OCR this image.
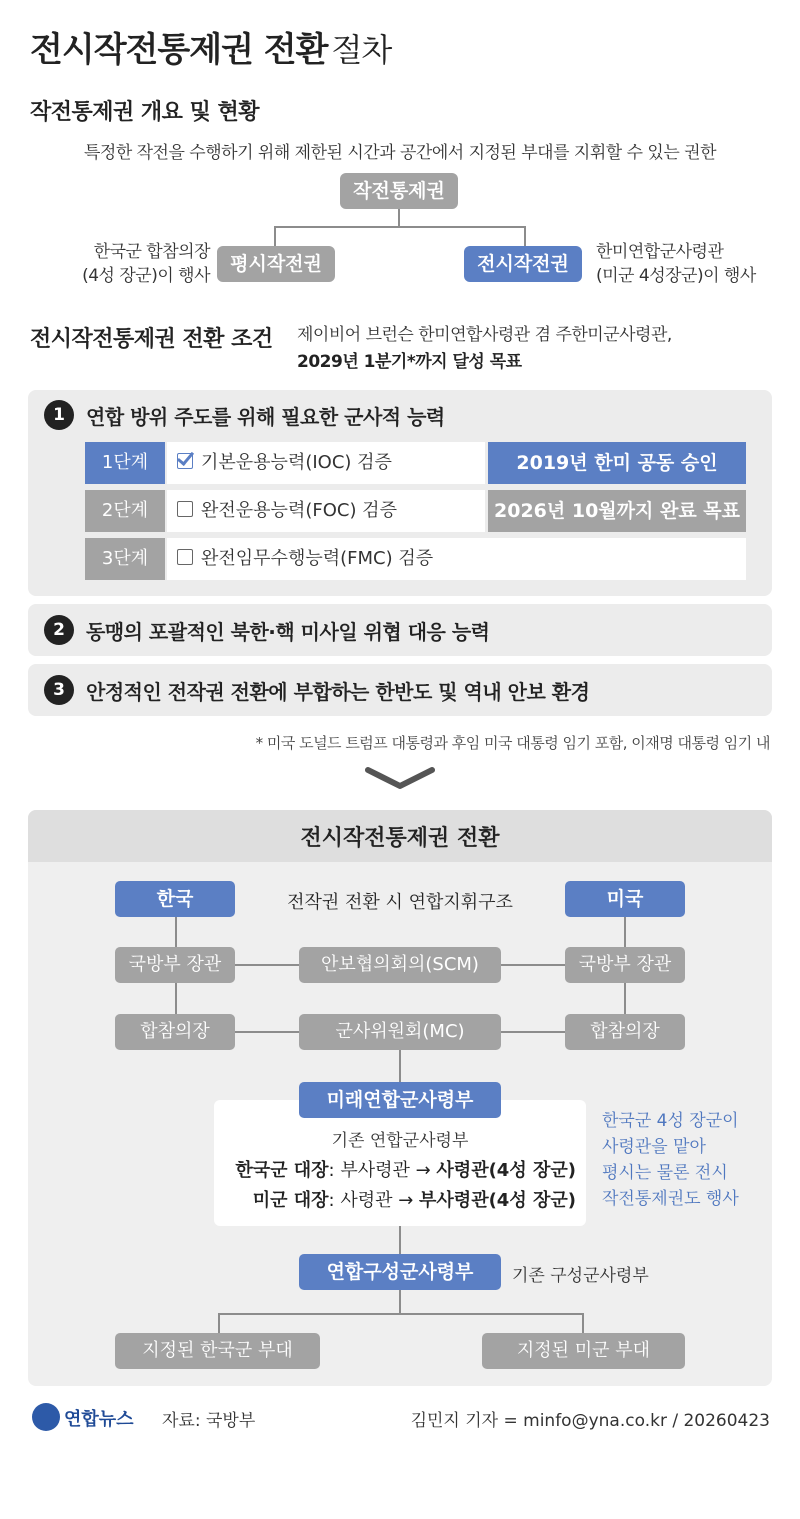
전시작전통제권 전환 절차
작전통제권 개요 및 현황
특정한 작전을 수행하기 위해 제한된 시간과 공간에서 지정된 부대를 지휘할 수 있는 권한
작전통제권
평시작전권	전시작전권
한국군 합참의장
(4성 장군)이 행사
한미연합군사령관
(미군 4성장군)이 행사
전시작전통제권 전환 조건 제이비어 브런슨 한미연합사령관 겸 주한미군사령관,
2029년 1분기*까지 달성 목표
1	연합 방위 주도를 위해 필요한 군사적 능력
1단계	기본운용능력(IOC) 검증	2019년 한미 공동 승인
2단계	완전운용능력(FOC) 검증	2026년 10월까지 완료 목표
3단계	완전임무수행능력(FMC) 검증
2	동맹의 포괄적인 북한·핵 미사일 위협 대응 능력
3	안정적인 전작권 전환에 부합하는 한반도 및 역내 안보 환경
* 미국 도널드 트럼프 대통령과 후임 미국 대통령 임기 포함, 이재명 대통령 임기 내
전시작전통제권 전환
한국	미국
전작권 전환 시 연합지휘구조
국방부 장관	안보협의회의(SCM)	국방부 장관
합참의장	군사위원회(MC)	합참의장
미래연합군사령부
기존 연합군사령부
한국군 대장: 부사령관 → 사령관(4성 장군)
미군 대장: 사령관 → 부사령관(4성 장군)
한국군 4성 장군이
사령관을 맡아
평시는 물론 전시
작전통제권도 행사
연합구성군사령부	기존 구성군사령부
지정된 한국군 부대	지정된 미군 부대
연합뉴스 자료: 국방부	김민지 기자 = minfo@yna.co.kr / 20260423
